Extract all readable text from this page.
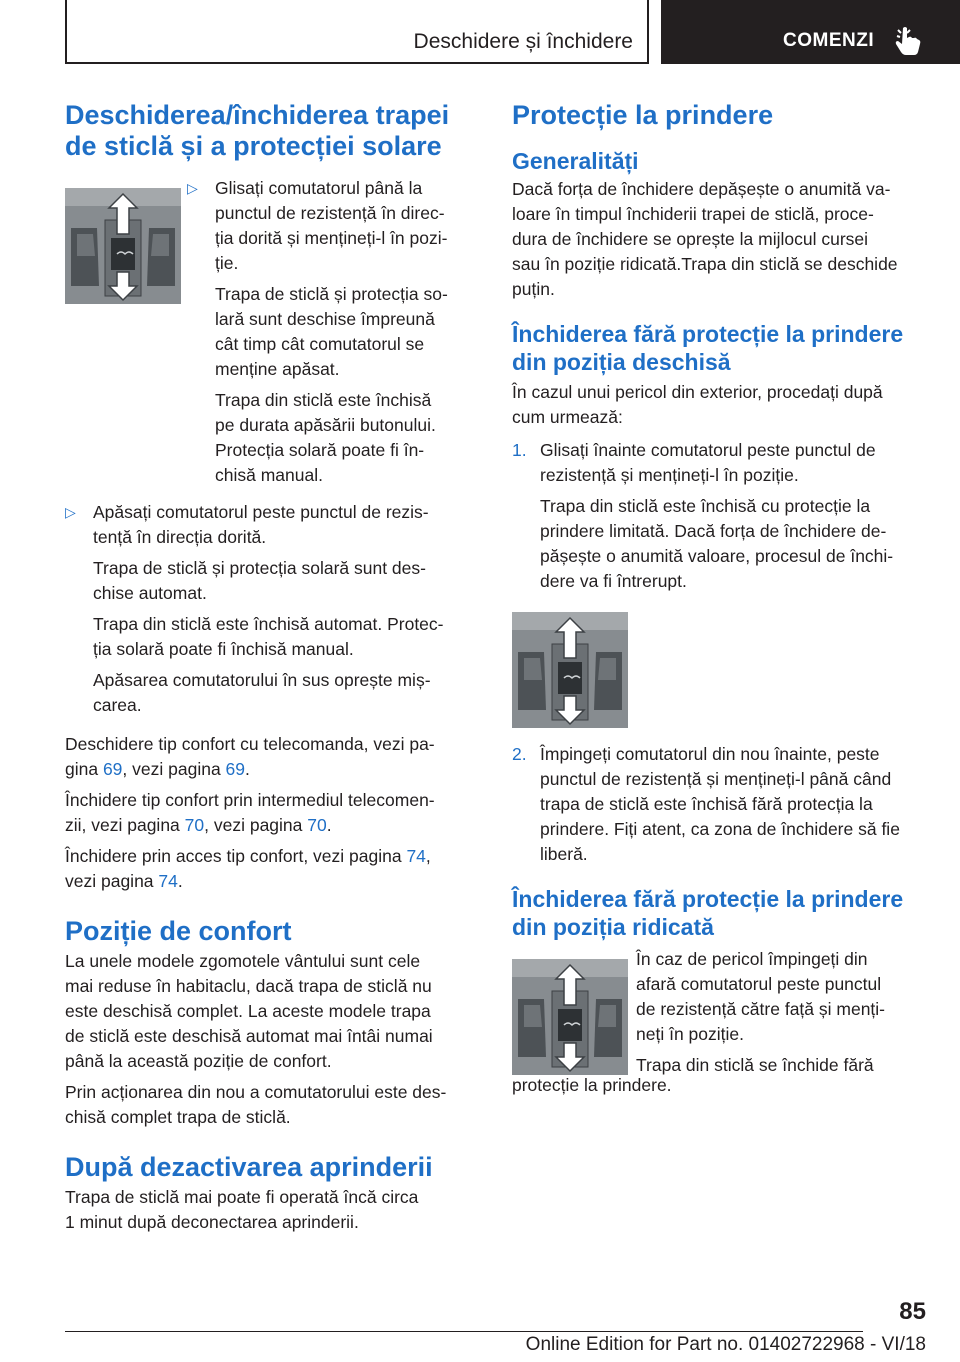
Deschidere și închidere	COMENZI
Deschiderea/închiderea trapei de sticlă și a protecției solare
▷ Glisați comutatorul până la
punctul de rezistență în direc-
ția dorită și mențineți-l în pozi-
ție.

Trapa de sticlă și protecția so-
lară sunt deschise împreună
cât timp cât comutatorul se
menține apăsat.

Trapa din sticlă este închisă
pe durata apăsării butonului.
Protecția solară poate fi în-
chisă manual.

▷ Apăsați comutatorul peste punctul de rezis-
tență în direcția dorită.

Trapa de sticlă și protecția solară sunt des-
chise automat.

Trapa din sticlă este închisă automat. Protec-
ția solară poate fi închisă manual.

Apăsarea comutatorului în sus oprește miș-
carea.

Deschidere tip confort cu telecomanda, vezi pa-
gina 69, vezi pagina 69.

Închidere tip confort prin intermediul telecomen-
zii, vezi pagina 70, vezi pagina 70.

Închidere prin acces tip confort, vezi pagina 74,
vezi pagina 74.

Poziție de confort

La unele modele zgomotele vântului sunt cele
mai reduse în habitaclu, dacă trapa de sticlă nu
este deschisă complet. La aceste modele trapa
de sticlă este deschisă automat mai întâi numai
până la această poziție de confort.

Prin acționarea din nou a comutatorului este des-
chisă complet trapa de sticlă.

După dezactivarea aprinderii

Trapa de sticlă mai poate fi operată încă circa
1 minut după deconectarea aprinderii.

Protecție la prindere
Generalități

Dacă forța de închidere depășește o anumită va-
loare în timpul închiderii trapei de sticlă, proce-
dura de închidere se oprește la mijlocul cursei
sau în poziție ridicată.Trapa din sticlă se deschide
puțin.

Închiderea fără protecție la prindere
din poziția deschisă

În cazul unui pericol din exterior, procedați după
cum urmează:

1. Glisați înainte comutatorul peste punctul de
rezistență și mențineți-l în poziție.

Trapa din sticlă este închisă cu protecție la
prindere limitată. Dacă forța de închidere de-
pășește o anumită valoare, procesul de închi-
dere va fi întrerupt.

2. Împingeți comutatorul din nou înainte, peste
punctul de rezistență și mențineți-l până când
trapa de sticlă este închisă fără protecția la
prindere. Fiți atent, ca zona de închidere să fie
liberă.

Închiderea fără protecție la prindere
din poziția ridicată

În caz de pericol împingeți din
afară comutatorul peste punctul
de rezistență către față și menți-
neți în poziție.

Trapa din sticlă se închide fără

protecție la prindere.

85
Online Edition for Part no. 01402722968 - VI/18
